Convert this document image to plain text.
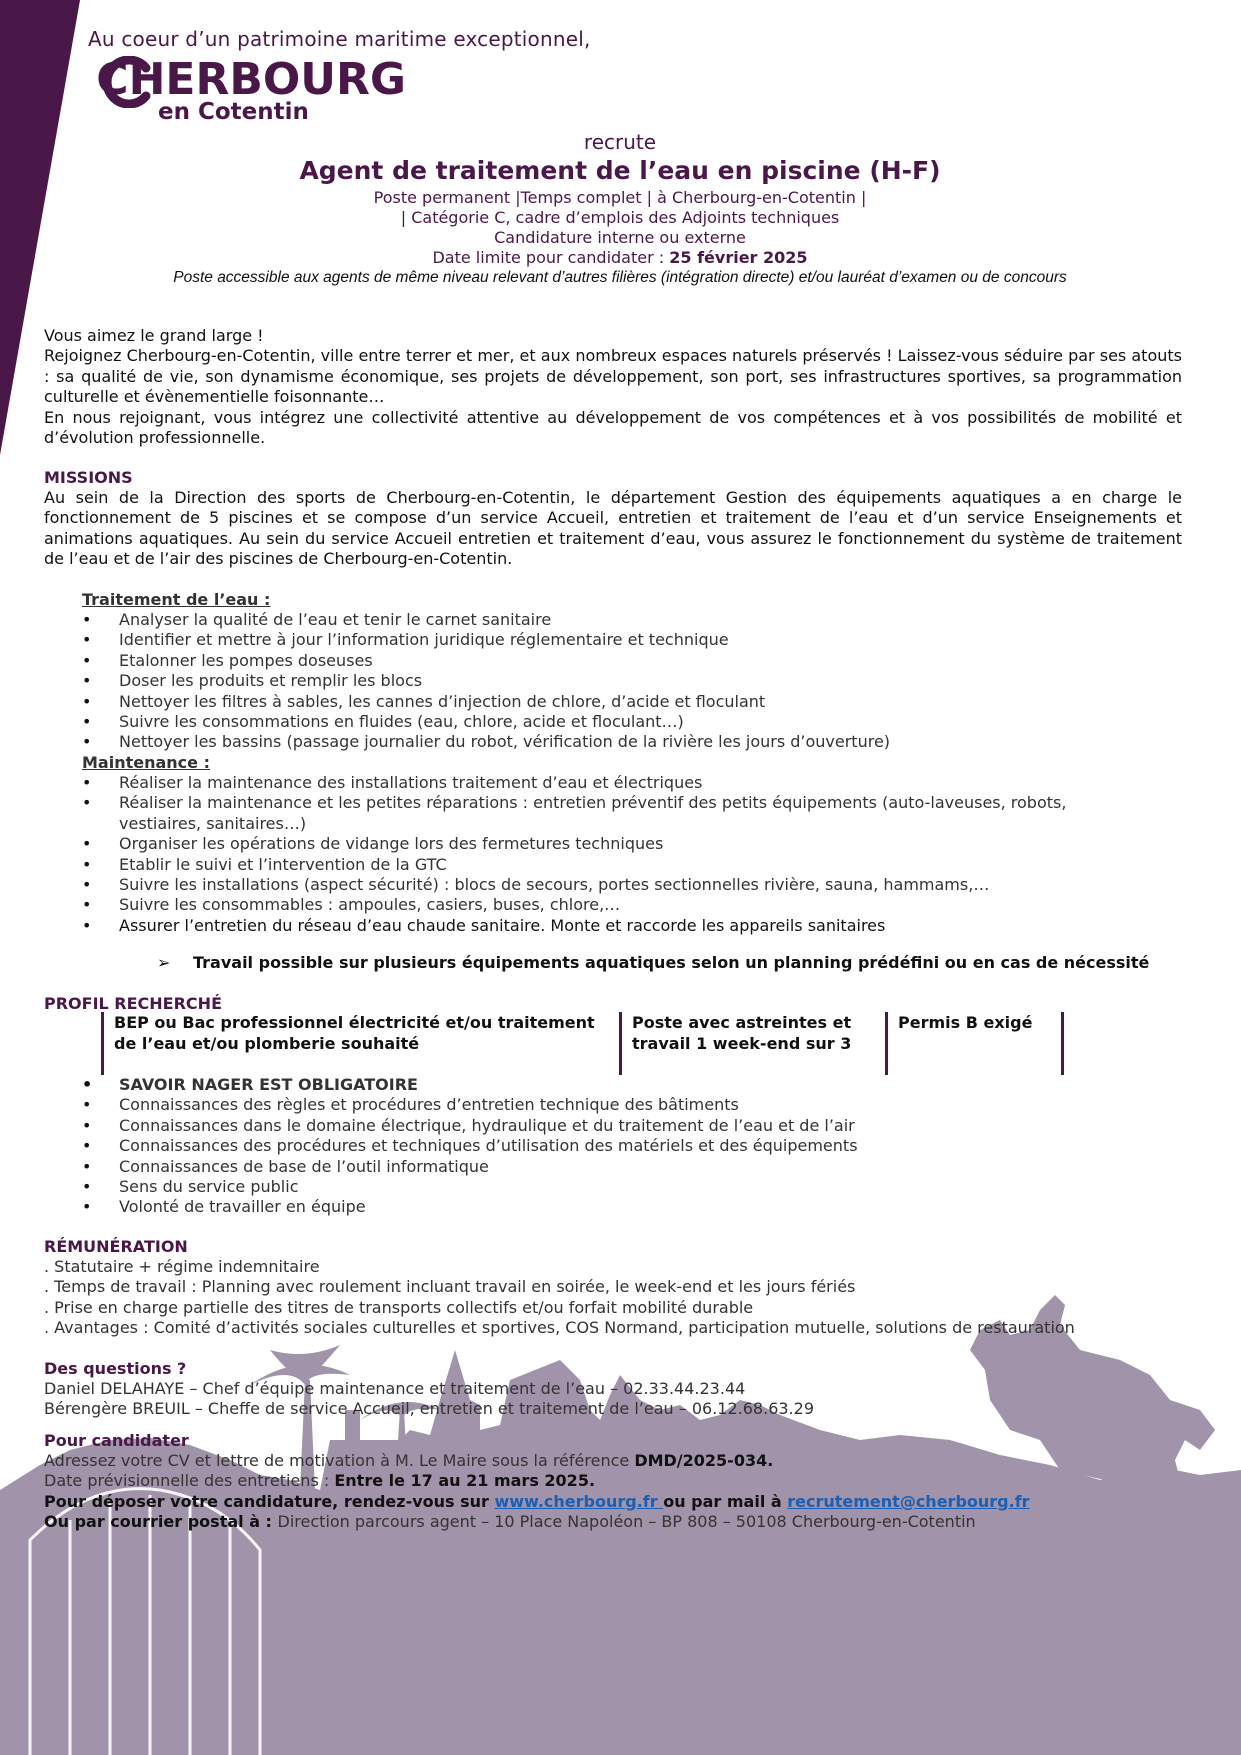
Au coeur d’un patrimoine maritime exceptionnel,
CHERBOURG
en Cotentin
recrute
Agent de traitement de l’eau en piscine (H-F)
Poste permanent |Temps complet | à Cherbourg-en-Cotentin |
| Catégorie C, cadre d’emplois des Adjoints techniques
Candidature interne ou externe
Date limite pour candidater : 25 février 2025
Poste accessible aux agents de même niveau relevant d’autres filières (intégration directe) et/ou lauréat d’examen ou de concours
Vous aimez le grand large !
Rejoignez Cherbourg-en-Cotentin, ville entre terrer et mer, et aux nombreux espaces naturels préservés ! Laissez-vous séduire par ses atouts : sa qualité de vie, son dynamisme économique, ses projets de développement, son port, ses infrastructures sportives, sa programmation culturelle et évènementielle foisonnante…
En nous rejoignant, vous intégrez une collectivité attentive au développement de vos compétences et à vos possibilités de mobilité et d’évolution professionnelle.
MISSIONS
Au sein de la Direction des sports de Cherbourg-en-Cotentin, le département Gestion des équipements aquatiques a en charge le fonctionnement de 5 piscines et se compose d’un service Accueil, entretien et traitement de l’eau et d’un service Enseignements et animations aquatiques. Au sein du service Accueil entretien et traitement d’eau, vous assurez le fonctionnement du système de traitement de l’eau et de l’air des piscines de Cherbourg-en-Cotentin.
Traitement de l’eau :
• Analyser la qualité de l’eau et tenir le carnet sanitaire
• Identifier et mettre à jour l’information juridique réglementaire et technique
• Etalonner les pompes doseuses
• Doser les produits et remplir les blocs
• Nettoyer les filtres à sables, les cannes d’injection de chlore, d’acide et floculant
• Suivre les consommations en fluides (eau, chlore, acide et floculant…)
• Nettoyer les bassins (passage journalier du robot, vérification de la rivière les jours d’ouverture)
Maintenance :
• Réaliser la maintenance des installations traitement d’eau et électriques
• Réaliser la maintenance et les petites réparations : entretien préventif des petits équipements (auto-laveuses, robots, vestiaires, sanitaires…)
• Organiser les opérations de vidange lors des fermetures techniques
• Etablir le suivi et l’intervention de la GTC
• Suivre les installations (aspect sécurité) : blocs de secours, portes sectionnelles rivière, sauna, hammams,…
• Suivre les consommables : ampoules, casiers, buses, chlore,…
• Assurer l’entretien du réseau d’eau chaude sanitaire. Monte et raccorde les appareils sanitaires
➢ Travail possible sur plusieurs équipements aquatiques selon un planning prédéfini ou en cas de nécessité
PROFIL RECHERCHÉ
BEP ou Bac professionnel électricité et/ou traitement de l’eau et/ou plomberie souhaité
Poste avec astreintes et travail 1 week-end sur 3
Permis B exigé
• SAVOIR NAGER EST OBLIGATOIRE
• Connaissances des règles et procédures d’entretien technique des bâtiments
• Connaissances dans le domaine électrique, hydraulique et du traitement de l’eau et de l’air
• Connaissances des procédures et techniques d’utilisation des matériels et des équipements
• Connaissances de base de l’outil informatique
• Sens du service public
• Volonté de travailler en équipe
RÉMUNÉRATION
. Statutaire + régime indemnitaire
. Temps de travail : Planning avec roulement incluant travail en soirée, le week-end et les jours fériés
. Prise en charge partielle des titres de transports collectifs et/ou forfait mobilité durable
. Avantages : Comité d’activités sociales culturelles et sportives, COS Normand, participation mutuelle, solutions de restauration
Des questions ?
Daniel DELAHAYE – Chef d’équipe maintenance et traitement de l’eau – 02.33.44.23.44
Bérengère BREUIL – Cheffe de service Accueil, entretien et traitement de l’eau – 06.12.68.63.29
Pour candidater
Adressez votre CV et lettre de motivation à M. Le Maire sous la référence DMD/2025-034.
Date prévisionnelle des entretiens : Entre le 17 au 21 mars 2025.
Pour déposer votre candidature, rendez-vous sur www.cherbourg.fr ou par mail à recrutement@cherbourg.fr
Ou par courrier postal à : Direction parcours agent – 10 Place Napoléon – BP 808 – 50108 Cherbourg-en-Cotentin
